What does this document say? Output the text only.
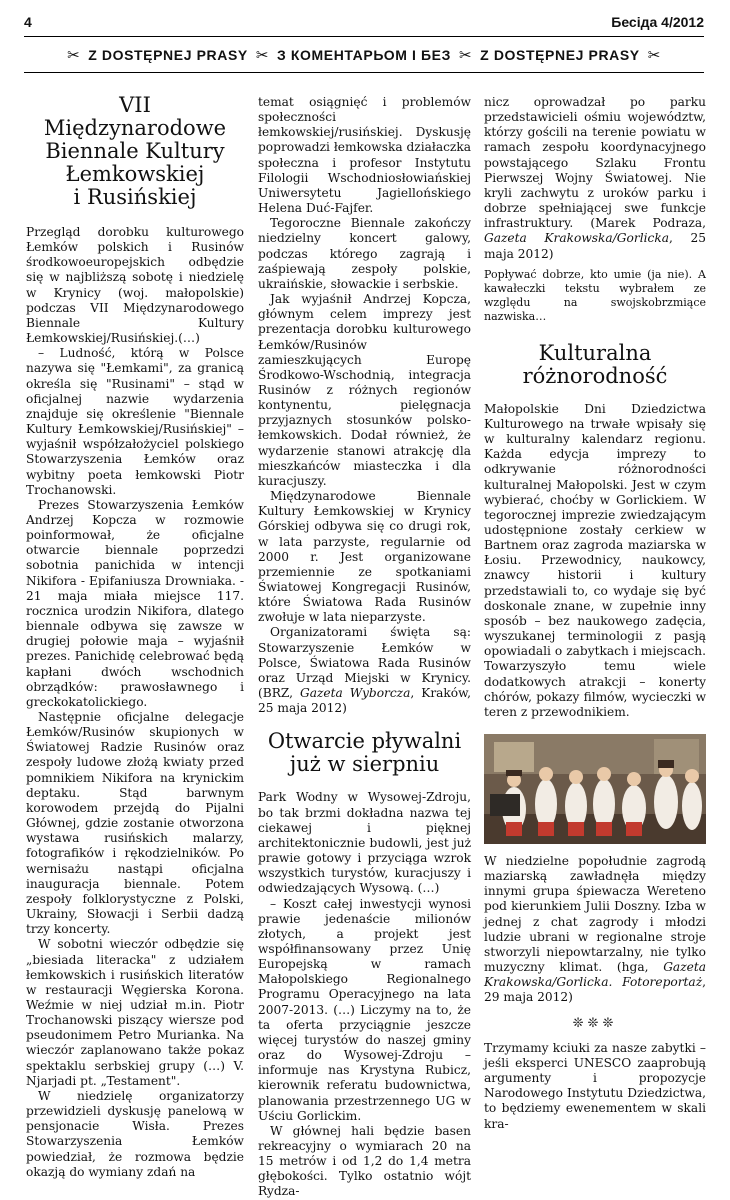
4	Бесіда 4/2012
✂ Z DOSTĘPNEJ PRASY ✂ З КОМЕНТАРЬОМ І БЕЗ ✂ Z DOSTĘPNEJ PRASY ✂
VII Międzynarodowe
Biennale Kultury
Łemkowskiej
i Rusińskiej

Przegląd dorobku kulturowego Łemków polskich i Rusinów środkowoeuropejskich odbędzie się w najbliższą sobotę i niedzielę w Krynicy (woj. małopolskie) podczas VII Międzynarodowego Biennale Kultury Łemkowskiej/Rusińskiej.(…)

– Ludność, którą w Polsce nazywa się "Łemkami", za granicą określa się "Rusinami" – stąd w oficjalnej nazwie wydarzenia znajduje się określenie "Biennale Kultury Łemkowskiej/Rusińskiej" – wyjaśnił współzałożyciel polskiego Stowarzyszenia Łemków oraz wybitny poeta łemkowski Piotr Trochanowski.

Prezes Stowarzyszenia Łemków Andrzej Kopcza w rozmowie poinformował, że oficjalne otwarcie biennale poprzedzi sobotnia panichida w intencji Nikifora - Epifaniusza Drowniaka. - 21 maja miała miejsce 117. rocznica urodzin Nikifora, dlatego biennale odbywa się zawsze w drugiej połowie maja – wyjaśnił prezes. Panichidę celebrować będą kapłani dwóch wschodnich obrządków: prawosławnego i greckokatolickiego.

Następnie oficjalne delegacje Łemków/Rusinów skupionych w Światowej Radzie Rusinów oraz zespoły ludowe złożą kwiaty przed pomnikiem Nikifora na krynickim deptaku. Stąd barwnym korowodem przejdą do Pijalni Głównej, gdzie zostanie otworzona wystawa rusińskich malarzy, fotografików i rękodzielników. Po wernisażu nastąpi oficjalna inauguracja biennale. Potem zespoły folklorystyczne z Polski, Ukrainy, Słowacji i Serbii dadzą trzy koncerty.

W sobotni wieczór odbędzie się „biesiada literacka" z udziałem łemkowskich i rusińskich literatów w restauracji Węgierska Korona. Weźmie w niej udział m.in. Piotr Trochanowski piszący wiersze pod pseudonimem Petro Murianka. Na wieczór zaplanowano także pokaz spektaklu serbskiej grupy (…) V. Njarjadi pt. „Testament".

W niedzielę organizatorzy przewidzieli dyskusję panelową w pensjonacie Wisła. Prezes Stowarzyszenia Łemków powiedział, że rozmowa będzie okazją do wymiany zdań na

temat osiągnięć i problemów społeczności łemkowskiej/rusińskiej. Dyskusję poprowadzi łemkowska działaczka społeczna i profesor Instytutu Filologii Wschodniosłowiańskiej Uniwersytetu Jagiellońskiego Helena Duć-Fajfer.

Tegoroczne Biennale zakończy niedzielny koncert galowy, podczas którego zagrają i zaśpiewają zespoły polskie, ukraińskie, słowackie i serbskie.

Jak wyjaśnił Andrzej Kopcza, głównym celem imprezy jest prezentacja dorobku kulturowego Łemków/Rusinów zamieszkujących Europę Środkowo-Wschodnią, integracja Rusinów z różnych regionów kontynentu, pielęgnacja przyjaznych stosunków polsko-łemkowskich. Dodał również, że wydarzenie stanowi atrakcję dla mieszkańców miasteczka i dla kuracjuszy.

Międzynarodowe Biennale Kultury Łemkowskiej w Krynicy Górskiej odbywa się co drugi rok, w lata parzyste, regularnie od 2000 r. Jest organizowane przemiennie ze spotkaniami Światowej Kongregacji Rusinów, które Światowa Rada Rusinów zwołuje w lata nieparzyste.

Organizatorami święta są: Stowarzyszenie Łemków w Polsce, Światowa Rada Rusinów oraz Urząd Miejski w Krynicy. (BRZ, Gazeta Wyborcza, Kraków, 25 maja 2012)

Otwarcie pływalni
już w sierpniu

Park Wodny w Wysowej-Zdroju, bo tak brzmi dokładna nazwa tej ciekawej i pięknej architektonicznie budowli, jest już prawie gotowy i przyciąga wzrok wszystkich turystów, kuracjuszy i odwiedzających Wysową. (…)

– Koszt całej inwestycji wynosi prawie jedenaście milionów złotych, a projekt jest współfinansowany przez Unię Europejską w ramach Małopolskiego Regionalnego Programu Operacyjnego na lata 2007-2013. (…) Liczymy na to, że ta oferta przyciągnie jeszcze więcej turystów do naszej gminy oraz do Wysowej-Zdroju – informuje nas Krystyna Rubicz, kierownik referatu budownictwa, planowania przestrzennego UG w Uściu Gorlickim.

W głównej hali będzie basen rekreacyjny o wymiarach 20 na 15 metrów i od 1,2 do 1,4 metra głębokości. Tylko ostatnio wójt Rydza-

nicz oprowadzał po parku przedstawicieli ośmiu województw, którzy gościli na terenie powiatu w ramach zespołu koordynacyjnego powstającego Szlaku Frontu Pierwszej Wojny Światowej. Nie kryli zachwytu z uroków parku i dobrze spełniającej swe funkcje infrastruktury. (Marek Podraza, Gazeta Krakowska/Gorlicka, 25 maja 2012)

Popływać dobrze, kto umie (ja nie). A kawałeczki tekstu wybrałem ze względu na swojskobrzmiące nazwiska…

Kulturalna
różnorodność

Małopolskie Dni Dziedzictwa Kulturowego na trwałe wpisały się w kulturalny kalendarz regionu. Każda edycja imprezy to odkrywanie różnorodności kulturalnej Małopolski. Jest w czym wybierać, choćby w Gorlickiem. W tegorocznej imprezie zwiedzającym udostępnione zostały cerkiew w Bartnem oraz zagroda maziarska w Łosiu. Przewodnicy, naukowcy, znawcy historii i kultury przedstawiali to, co wydaje się być doskonale znane, w zupełnie inny sposób – bez naukowego zadęcia, wyszukanej terminologii z pasją opowiadali o zabytkach i miejscach. Towarzyszyło temu wiele dodatkowych atrakcji – konerty chórów, pokazy filmów, wycieczki w teren z przewodnikiem.

W niedzielne popołudnie zagrodą maziarską zawładnęła między innymi grupa śpiewacza Wereteno pod kierunkiem Julii Doszny. Izba w jednej z chat zagrody i młodzi ludzie ubrani w regionalne stroje stworzyli niepowtarzalny, nie tylko muzyczny klimat. (hga, Gazeta Krakowska/Gorlicka. Fotoreportaż, 29 maja 2012)

❊❊❊

Trzymamy kciuki za nasze zabytki – jeśli eksperci UNESCO zaaprobują argumenty i propozycje Narodowego Instytutu Dziedzictwa, to będziemy ewenementem w skali kra-
